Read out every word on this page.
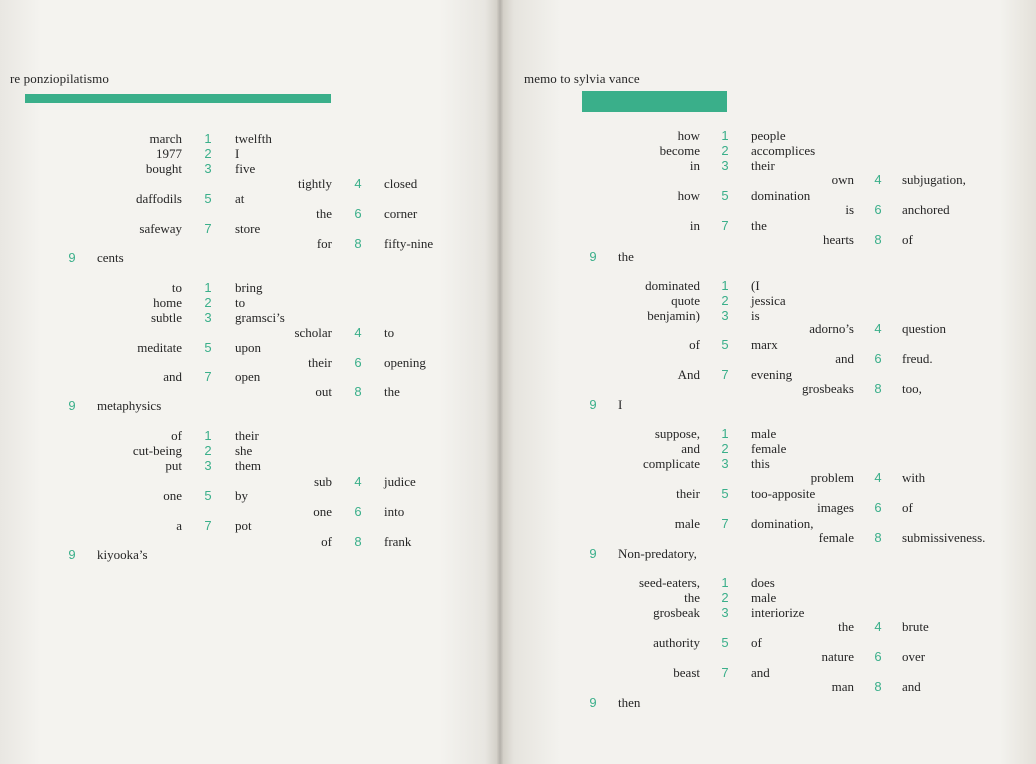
re ponziopilatismo
march 1 twelfth
1977 2 I
bought 3 five
tightly 4 closed
daffodils 5 at
the 6 corner
safeway 7 store
for 8 fifty-nine
9 cents
to 1 bring
home 2 to
subtle 3 gramsci’s
scholar 4 to
meditate 5 upon
their 6 opening
and 7 open
out 8 the
9 metaphysics
of 1 their
cut-being 2 she
put 3 them
sub 4 judice
one 5 by
one 6 into
a 7 pot
of 8 frank
9 kiyooka’s
memo to sylvia vance
how 1 people
become 2 accomplices
in 3 their
own 4 subjugation,
how 5 domination
is 6 anchored
in 7 the
hearts 8 of
9 the
dominated 1 (I
quote 2 jessica
benjamin) 3 is
adorno’s 4 question
of 5 marx
and 6 freud.
And 7 evening
grosbeaks 8 too,
9 I
suppose, 1 male
and 2 female
complicate 3 this
problem 4 with
their 5 too-apposite
images 6 of
male 7 domination,
female 8 submissiveness.
9 Non-predatory,
seed-eaters, 1 does
the 2 male
grosbeak 3 interiorize
the 4 brute
authority 5 of
nature 6 over
beast 7 and
man 8 and
9 then
